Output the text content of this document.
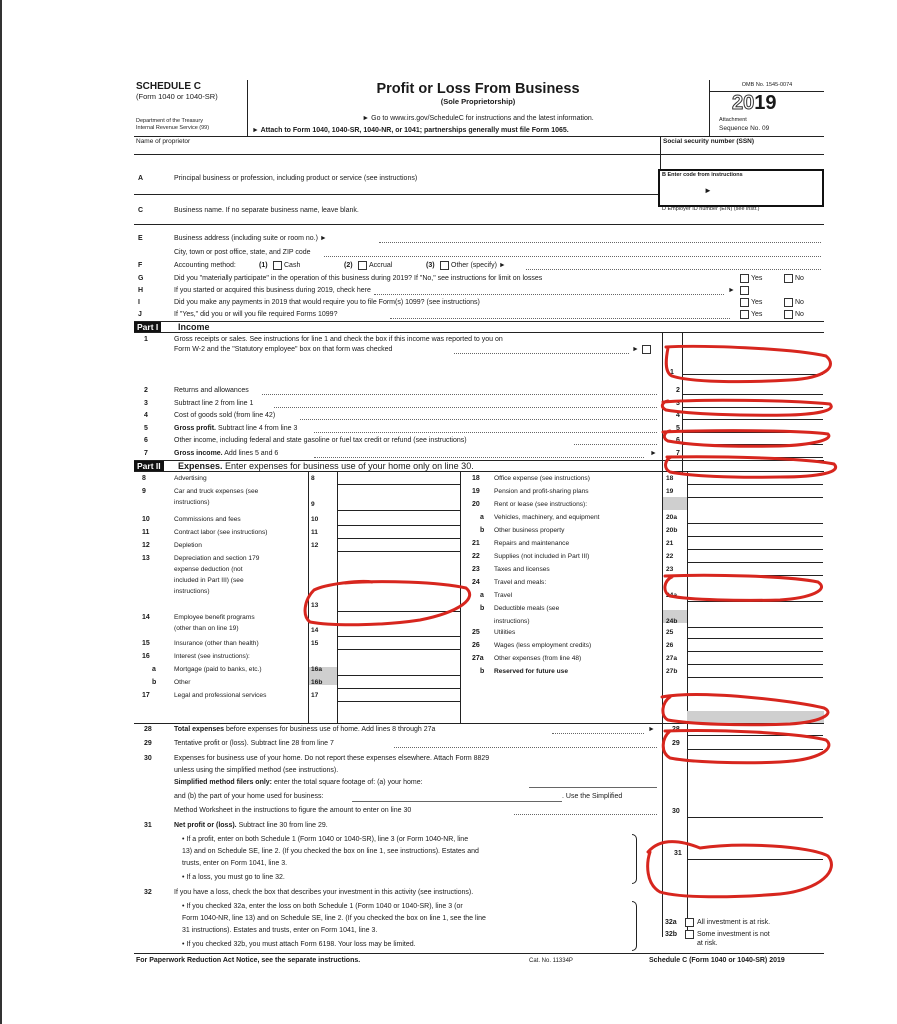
SCHEDULE C
(Form 1040 or 1040-SR)
Department of the Treasury
Internal Revenue Service (99)
Profit or Loss From Business
(Sole Proprietorship)
► Go to www.irs.gov/ScheduleC for instructions and the latest information.
► Attach to Form 1040, 1040-SR, 1040-NR, or 1041; partnerships generally must file Form 1065.
OMB No. 1545-0074
2019
Attachment
Sequence No. 09
Name of proprietor	Social security number (SSN)
A	Principal business or profession, including product or service (see instructions)	B Enter code from instructions
►
C	Business name. If no separate business name, leave blank.	D Employer ID number (EIN) (see instr.)
E	Business address (including suite or room no.) ►
City, town or post office, state, and ZIP code
F	Accounting method:	(1) Cash	(2) Accrual	(3) Other (specify) ►
G	Did you "materially participate" in the operation of this business during 2019? If "No," see instructions for limit on losses	Yes	No
H	If you started or acquired this business during 2019, check here	►
I	Did you make any payments in 2019 that would require you to file Form(s) 1099? (see instructions)	Yes	No
J	If "Yes," did you or will you file required Forms 1099?	Yes	No
Part I	Income
1	Gross receipts or sales. See instructions for line 1 and check the box if this income was reported to you on
Form W-2 and the "Statutory employee" box on that form was checked	►
1
2	Returns and allowances	2
3	Subtract line 2 from line 1	3
4	Cost of goods sold (from line 42)	4
5	Gross profit. Subtract line 4 from line 3	5
6	Other income, including federal and state gasoline or fuel tax credit or refund (see instructions)	6
7	Gross income. Add lines 5 and 6	►	7
Part II	Expenses. Enter expenses for business use of your home only on line 30.
8	Advertising	8
9	Car and truck expenses (see
instructions)	9
10	Commissions and fees	10
11	Contract labor (see instructions)	11
12	Depletion	12
13	Depreciation and section 179
expense deduction (not
included in Part III) (see
instructions)
13
14	Employee benefit programs
(other than on line 19)	14
15	Insurance (other than health)	15
16	Interest (see instructions):
a	Mortgage (paid to banks, etc.)	16a
b	Other	16b
17	Legal and professional services	17
18 Office expense (see instructions)	18
19 Pension and profit-sharing plans	19
20 Rent or lease (see instructions):
a Vehicles, machinery, and equipment	20a
b Other business property	20b
21 Repairs and maintenance	21
22 Supplies (not included in Part III)	22
23 Taxes and licenses	23
24 Travel and meals:
a Travel	24a
b Deductible meals (see
instructions)	24b
25 Utilities	25
26 Wages (less employment credits)	26
27a Other expenses (from line 48)	27a
b Reserved for future use	27b
28	Total expenses before expenses for business use of home. Add lines 8 through 27a	► 28
29	Tentative profit or (loss). Subtract line 28 from line 7	29
30	Expenses for business use of your home. Do not report these expenses elsewhere. Attach Form 8829
unless using the simplified method (see instructions).
Simplified method filers only: enter the total square footage of: (a) your home:
and (b) the part of your home used for business:	. Use the Simplified
Method Worksheet in the instructions to figure the amount to enter on line 30	30
31	Net profit or (loss). Subtract line 30 from line 29.
• If a profit, enter on both Schedule 1 (Form 1040 or 1040-SR), line 3 (or Form 1040-NR, line
13) and on Schedule SE, line 2. (If you checked the box on line 1, see instructions). Estates and
trusts, enter on Form 1041, line 3.
• If a loss, you must go to line 32.
31
32	If you have a loss, check the box that describes your investment in this activity (see instructions).
• If you checked 32a, enter the loss on both Schedule 1 (Form 1040 or 1040-SR), line 3 (or
Form 1040-NR, line 13) and on Schedule SE, line 2. (If you checked the box on line 1, see the line
31 instructions). Estates and trusts, enter on Form 1041, line 3.
• If you checked 32b, you must attach Form 6198. Your loss may be limited.
32a	All investment is at risk.
32b	Some investment is not
at risk.
For Paperwork Reduction Act Notice, see the separate instructions.	Cat. No. 11334P	Schedule C (Form 1040 or 1040-SR) 2019
